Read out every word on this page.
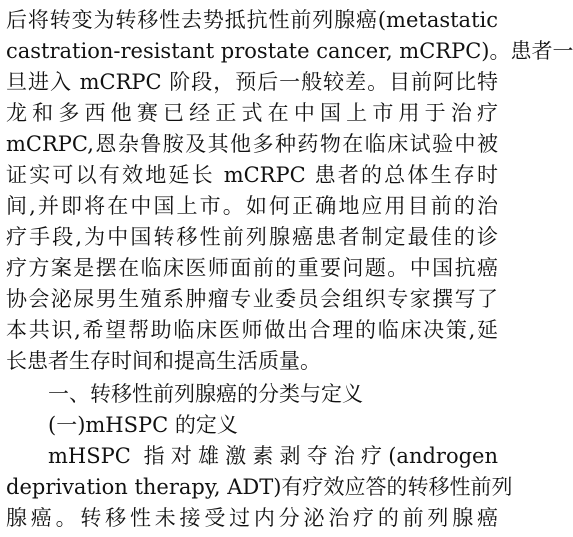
后将转变为转移性去势抵抗性前列腺癌(metastatic
castration-resistant prostate cancer, mCRPC)。患者一
旦进入 mCRPC 阶段，预后一般较差。目前阿比特
龙和多西他赛已经正式在中国上市用于治疗
mCRPC,恩杂鲁胺及其他多种药物在临床试验中被
证实可以有效地延长 mCRPC 患者的总体生存时
间,并即将在中国上市。如何正确地应用目前的治
疗手段,为中国转移性前列腺癌患者制定最佳的诊
疗方案是摆在临床医师面前的重要问题。中国抗癌
协会泌尿男生殖系肿瘤专业委员会组织专家撰写了
本共识,希望帮助临床医师做出合理的临床决策,延
长患者生存时间和提高生活质量。
一、转移性前列腺癌的分类与定义
(一)mHSPC 的定义
mHSPC 指对雄激素剥夺治疗(androgen
deprivation therapy, ADT)有疗效应答的转移性前列
腺癌。转移性未接受过内分泌治疗的前列腺癌
